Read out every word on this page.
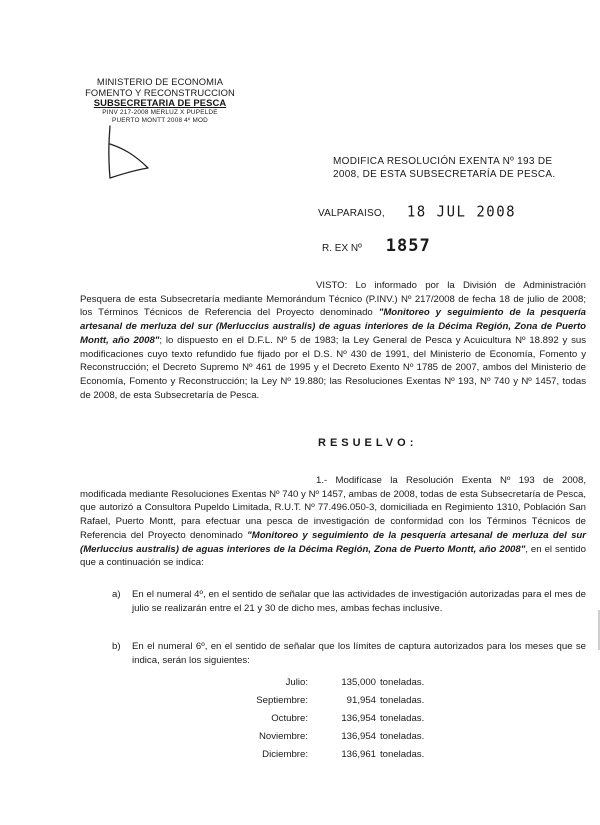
MINISTERIO DE ECONOMIA
FOMENTO Y RECONSTRUCCION
SUBSECRETARIA DE PESCA
PINV 217-2008 MERLUZ X PUPELDE
PUERTO MONTT 2008 4º MOD
MODIFICA RESOLUCIÓN EXENTA Nº 193 DE 2008, DE ESTA SUBSECRETARÍA DE PESCA.
VALPARAISO, 18 JUL 2008
R. EX Nº 1857

VISTO: Lo informado por la División de Administración Pesquera de esta Subsecretaría mediante Memorándum Técnico (P.INV.) Nº 217/2008 de fecha 18 de julio de 2008; los Términos Técnicos de Referencia del Proyecto denominado "Monitoreo y seguimiento de la pesquería artesanal de merluza del sur (Merluccius australis) de aguas interiores de la Décima Región, Zona de Puerto Montt, año 2008"; lo dispuesto en el D.F.L. Nº 5 de 1983; la Ley General de Pesca y Acuicultura Nº 18.892 y sus modificaciones cuyo texto refundido fue fijado por el D.S. Nº 430 de 1991, del Ministerio de Economía, Fomento y Reconstrucción; el Decreto Supremo Nº 461 de 1995 y el Decreto Exento Nº 1785 de 2007, ambos del Ministerio de Economía, Fomento y Reconstrucción; la Ley Nº 19.880; las Resoluciones Exentas Nº 193, Nº 740 y Nº 1457, todas de 2008, de esta Subsecretaría de Pesca.

RESUELVO:

1.- Modifícase la Resolución Exenta Nº 193 de 2008, modificada mediante Resoluciones Exentas Nº 740 y Nº 1457, ambas de 2008, todas de esta Subsecretaría de Pesca, que autorizó a Consultora Pupeldo Limitada, R.U.T. Nº 77.496.050-3, domiciliada en Regimiento 1310, Población San Rafael, Puerto Montt, para efectuar una pesca de investigación de conformidad con los Términos Técnicos de Referencia del Proyecto denominado "Monitoreo y seguimiento de la pesquería artesanal de merluza del sur (Merluccius australis) de aguas interiores de la Décima Región, Zona de Puerto Montt, año 2008", en el sentido que a continuación se indica:

a)	En el numeral 4º, en el sentido de señalar que las actividades de investigación autorizadas para el mes de julio se realizarán entre el 21 y 30 de dicho mes, ambas fechas inclusive.
b)	En el numeral 6º, en el sentido de señalar que los límites de captura autorizados para los meses que se indica, serán los siguientes:
Julio:	135,000 toneladas.
Septiembre:	91,954 toneladas.
Octubre:	136,954 toneladas.
Noviembre:	136,954 toneladas.
Diciembre:	136,961 toneladas.
